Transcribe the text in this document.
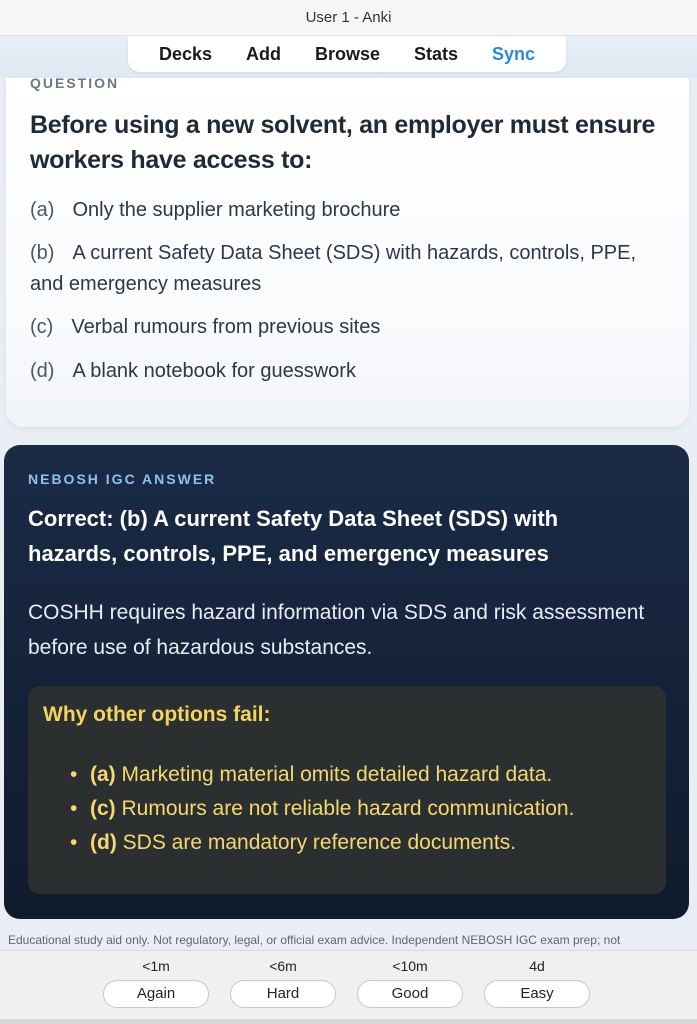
User 1 - Anki
Decks Add Browse Stats Sync
QUESTION
Before using a new solvent, an employer must ensure workers have access to:
(a) Only the supplier marketing brochure
(b) A current Safety Data Sheet (SDS) with hazards, controls, PPE, and emergency measures
(c) Verbal rumours from previous sites
(d) A blank notebook for guesswork
NEBOSH IGC ANSWER
Correct: (b) A current Safety Data Sheet (SDS) with hazards, controls, PPE, and emergency measures
COSHH requires hazard information via SDS and risk assessment before use of hazardous substances.
Why other options fail:
• (a) Marketing material omits detailed hazard data.
• (c) Rumours are not reliable hazard communication.
• (d) SDS are mandatory reference documents.
Educational study aid only. Not regulatory, legal, or official exam advice. Independent NEBOSH IGC exam prep; not
<1m
Again
<6m
Hard
<10m
Good
4d
Easy
